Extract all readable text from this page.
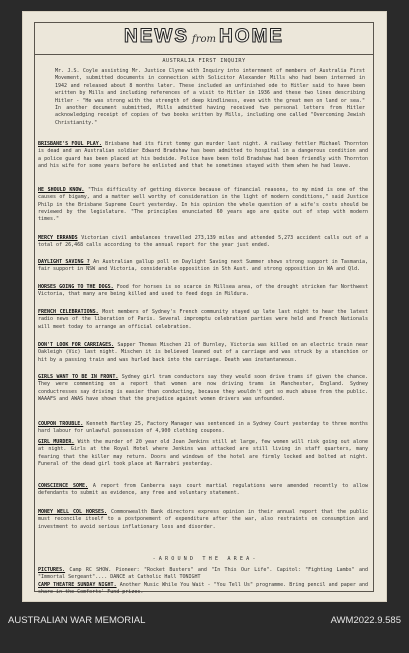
NEWS from HOME
AUSTRALIA FIRST INQUIRY
Mr. J.S. Coyle assisting Mr. Justice Clyne with Inquiry into internment of members of Australia First Movement, submitted documents in connection with Solicitor Alexander Mills who had been interned in 1942 and released about 8 months later. These included an unfinished ode to Hitler said to have been written by Mills and including references of a visit to Hitler in 1936 and these two lines describing Hitler - "He was strong with the strength of deep kindliness, even with the great men on land or sea." In another document submitted, Mills admitted having received two personal letters from Hitler acknowledging receipt of copies of two books written by Mills, including one called "Overcoming Jewish Christianity."
BRISBANE'S FOUL PLAY. Brisbane had its first tommy gun murder last night. A railway fettler Michael Thornton is dead and an Australian soldier Edward Bradshaw has been admitted to hospital in a dangerous condition and a police guard has been placed at his bedside. Police have been told Bradshaw had been friendly with Thornton and his wife for some years before he enlisted and that he sometimes stayed with them when he had leave.
HE SHOULD KNOW. "This difficulty of getting divorce because of financial reasons, to my mind is one of the causes of bigamy, and a matter well worthy of consideration in the light of modern conditions," said Justice Philp in the Brisbane Supreme Court yesterday. In his opinion the whole question of a wife's costs should be reviewed by the legislature. "The principles enunciated 60 years ago are quite out of step with modern times."
MERCY ERRANDS Victorian civil ambulances travelled 273,139 miles and attended 5,273 accident calls out of a total of 26,468 calls according to the annual report for the year just ended.
DAYLIGHT SAVING ? An Australian gallup poll on Daylight Saving next Summer shows strong support in Tasmania, fair support in NSW and Victoria, considerable opposition in Sth Aust. and strong opposition in WA and Qld.
HORSES GOING TO THE DOGS. Food for horses is so scarce in Millsea area, of the drought stricken far Northwest Victoria, that many are being killed and used to feed dogs in Mildura.
FRENCH CELEBRATIONS. Most members of Sydney's French community stayed up late last night to hear the latest radio news of the liberation of Paris. Several impromptu celebration parties were held and French Nationals will meet today to arrange an official celebration.
DON'T LOOK FOR CARRIAGES. Sapper Thomas Mischen 21 of Burnley, Victoria was killed on an electric train near Oakleigh (Vic) last night. Mischen it is believed leaned out of a carriage and was struck by a stanchion or hit by a passing train and was hurled back into the carriage. Death was instantaneous.
GIRLS WANT TO BE IN FRONT. Sydney girl tram conductors say they would soon drive trams if given the chance. They were commenting on a report that women are now driving trams in Manchester, England. Sydney conductresses say driving is easier than conducting, because they wouldn't get so much abuse from the public. WAAAFS and AWAS have shown that the prejudice against women drivers was unfounded.
COUPON TROUBLE. Kenneth Hartley 25, Factory Manager was sentenced in a Sydney Court yesterday to three months hard labour for unlawful possession of 4,900 clothing coupons.
GIRL MURDER. With the murder of 20 year old Joan Jenkins still at large, few women will risk going out alone at night. Girls at the Royal Hotel where Jenkins was attacked are still living in staff quarters, many fearing that the killer may return. Doors and windows of the hotel are firmly locked and bolted at night. Funeral of the dead girl took place at Narrabri yesterday.
CONSCIENCE SOME. A report from Canberra says court martial regulations were amended recently to allow defendants to submit as evidence, any free and voluntary statement.
MONEY WELL COL HORSES. Commonwealth Bank directors express opinion in their annual report that the public must reconcile itself to a postponement of expenditure after the war, also restraints on consumption and investment to avoid serious inflationary loss and disorder.
- A R O U N D   T H E   A R E A -
PICTURES. Camp RC SHOW. Pioneer: "Rocket Busters" and "In This Our Life". Capitol: "Fighting Lambs" and "Immortal Sergeant".... DANCE at Catholic Hall TONIGHT
CAMP THEATRE SUNDAY NIGHT. Another Music While You Wait - "You Tell Us" programme. Bring pencil and paper and share in the Comforts' Fund prizes.
AUSTRALIAN WAR MEMORIAL	AWM2022.9.585
